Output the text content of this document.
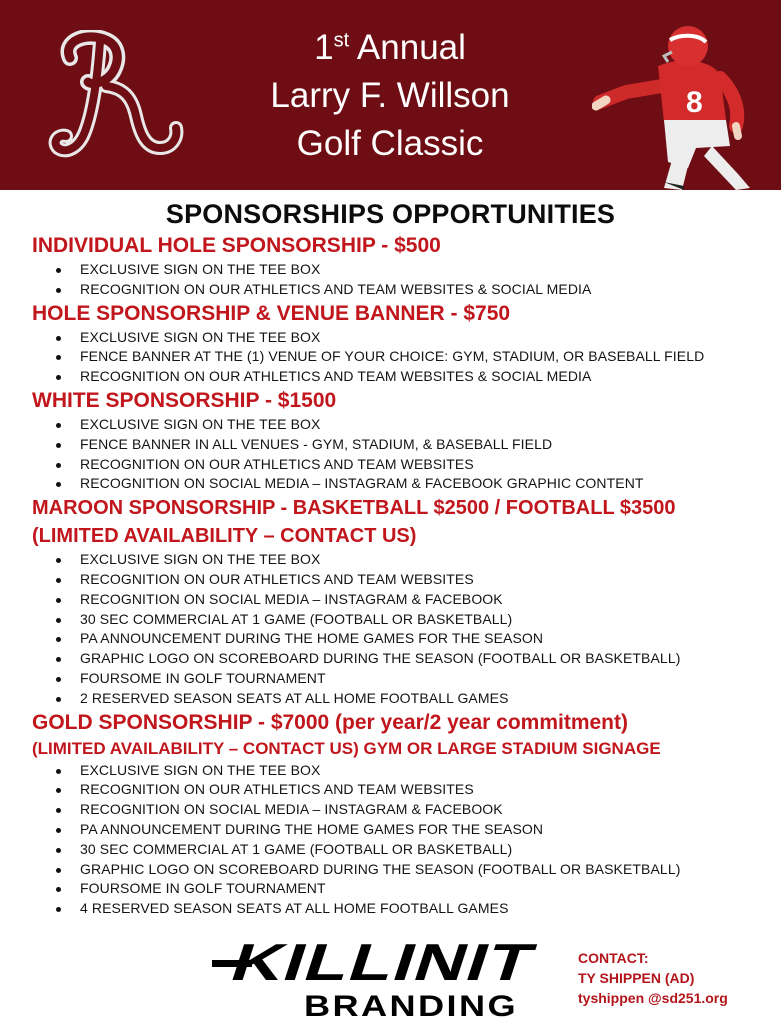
1st Annual
Larry F. Willson
Golf Classic
8
SPONSORSHIPS OPPORTUNITIES
INDIVIDUAL HOLE SPONSORSHIP - $500
EXCLUSIVE SIGN ON THE TEE BOX
RECOGNITION ON OUR ATHLETICS AND TEAM WEBSITES & SOCIAL MEDIA
HOLE SPONSORSHIP & VENUE BANNER - $750
EXCLUSIVE SIGN ON THE TEE BOX
FENCE BANNER AT THE (1) VENUE OF YOUR CHOICE: GYM, STADIUM, OR BASEBALL FIELD
RECOGNITION ON OUR ATHLETICS AND TEAM WEBSITES & SOCIAL MEDIA
WHITE SPONSORSHIP - $1500
EXCLUSIVE SIGN ON THE TEE BOX
FENCE BANNER IN ALL VENUES - GYM, STADIUM, & BASEBALL FIELD
RECOGNITION ON OUR ATHLETICS AND TEAM WEBSITES
RECOGNITION ON SOCIAL MEDIA – INSTAGRAM & FACEBOOK GRAPHIC CONTENT
MAROON SPONSORSHIP - BASKETBALL $2500 / FOOTBALL $3500
(LIMITED AVAILABILITY – CONTACT US)
EXCLUSIVE SIGN ON THE TEE BOX
RECOGNITION ON OUR ATHLETICS AND TEAM WEBSITES
RECOGNITION ON SOCIAL MEDIA – INSTAGRAM & FACEBOOK
30 SEC COMMERCIAL AT 1 GAME (FOOTBALL OR BASKETBALL)
PA ANNOUNCEMENT DURING THE HOME GAMES FOR THE SEASON
GRAPHIC LOGO ON SCOREBOARD DURING THE SEASON (FOOTBALL OR BASKETBALL)
FOURSOME IN GOLF TOURNAMENT
2 RESERVED SEASON SEATS AT ALL HOME FOOTBALL GAMES
GOLD SPONSORSHIP - $7000 (per year/2 year commitment)
(LIMITED AVAILABILITY – CONTACT US) GYM OR LARGE STADIUM SIGNAGE
EXCLUSIVE SIGN ON THE TEE BOX
RECOGNITION ON OUR ATHLETICS AND TEAM WEBSITES
RECOGNITION ON SOCIAL MEDIA – INSTAGRAM & FACEBOOK
PA ANNOUNCEMENT DURING THE HOME GAMES FOR THE SEASON
30 SEC COMMERCIAL AT 1 GAME (FOOTBALL OR BASKETBALL)
GRAPHIC LOGO ON SCOREBOARD DURING THE SEASON (FOOTBALL OR BASKETBALL)
FOURSOME IN GOLF TOURNAMENT
4 RESERVED SEASON SEATS AT ALL HOME FOOTBALL GAMES
KILLINIT
BRANDING
CONTACT:
TY SHIPPEN (AD)
tyshippen @sd251.org
